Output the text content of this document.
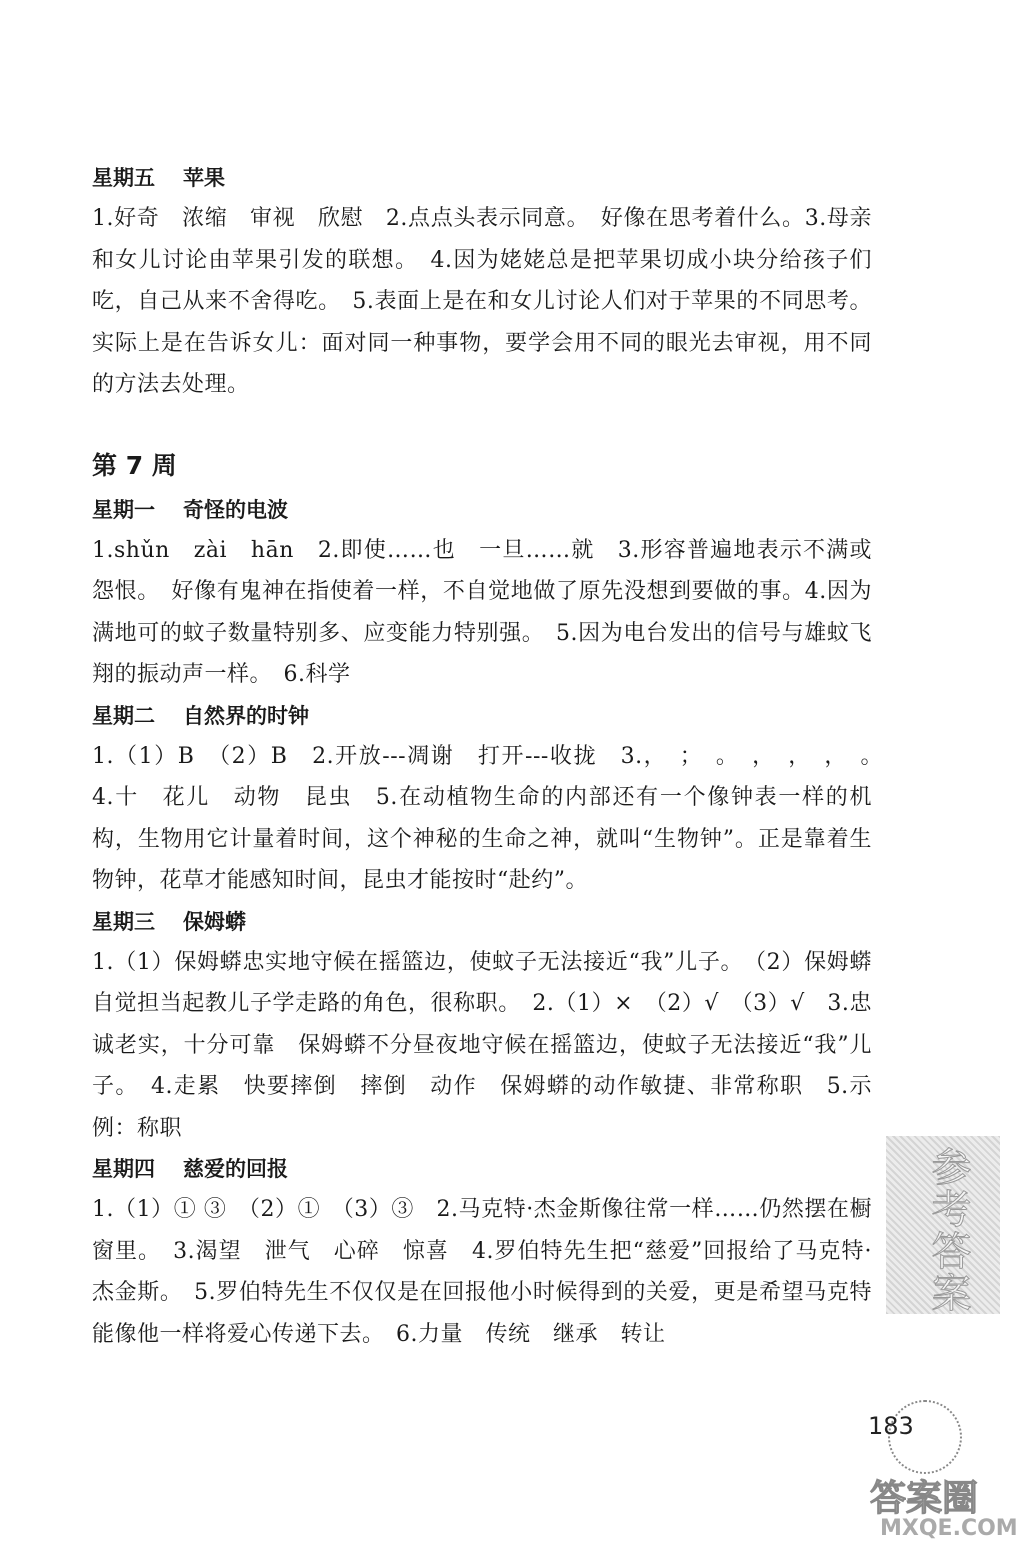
星期五 苹果

1.好奇　浓缩　审视　欣慰　2.点点头表示同意。　好像在思考着什么。3.母亲和女儿讨论由苹果引发的联想。　4.因为姥姥总是把苹果切成小块分给孩子们吃，自己从来不舍得吃。　5.表面上是在和女儿讨论人们对于苹果的不同思考。实际上是在告诉女儿：面对同一种事物，要学会用不同的眼光去审视，用不同的方法去处理。

第 7 周
星期一 奇怪的电波

1.shǔn　zài　hān　2.即使……也　一旦……就　3.形容普遍地表示不满或怨恨。　好像有鬼神在指使着一样，不自觉地做了原先没想到要做的事。4.因为满地可的蚊子数量特别多、应变能力特别强。　5.因为电台发出的信号与雄蚊飞翔的振动声一样。　6.科学

星期二 自然界的时钟

1.（1）B　（2）B　2.开放---凋谢　打开---收拢　3.，　；　。　，　，　，　。　4.十　花儿　动物　昆虫　5.在动植物生命的内部还有一个像钟表一样的机构，生物用它计量着时间，这个神秘的生命之神，就叫“生物钟”。正是靠着生物钟，花草才能感知时间，昆虫才能按时“赴约”。

星期三 保姆蟒

1.（1）保姆蟒忠实地守候在摇篮边，使蚊子无法接近“我”儿子。　（2）保姆蟒自觉担当起教儿子学走路的角色，很称职。　2.（1）×　（2）√　（3）√　3.忠诚老实，十分可靠　保姆蟒不分昼夜地守候在摇篮边，使蚊子无法接近“我”儿子。　4.走累　快要摔倒　摔倒　动作　保姆蟒的动作敏捷、非常称职　5.示例：称职

星期四 慈爱的回报

1.（1）① ③　（2）①　（3）③　2.马克特·杰金斯像往常一样……仍然摆在橱窗里。　3.渴望　泄气　心碎　惊喜　4.罗伯特先生把“慈爱”回报给了马克特·杰金斯。　5.罗伯特先生不仅仅是在回报他小时候得到的关爱，更是希望马克特能像他一样将爱心传递下去。　6.力量　传统　继承　转让

参考答案
183
答案圈
MXQE.COM
